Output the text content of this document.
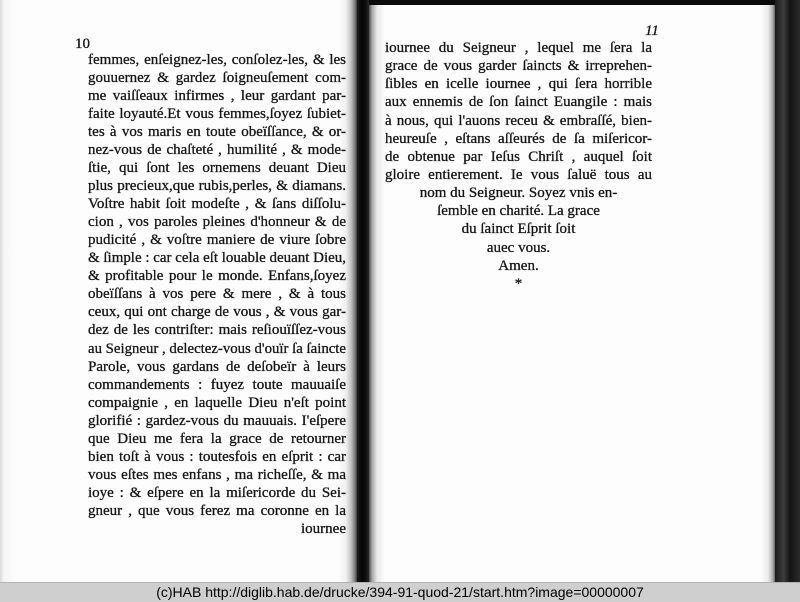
10
femmes, enſeignez-les, conſolez-les, & les
gouuernez & gardez ſoigneuſement com-
me vaiſſeaux infirmes , leur gardant par-
faite loyauté.Et vous femmes,ſoyez ſubiet-
tes à vos maris en toute obeïſſance, & or-
nez-vous de chaſteté , humilité , & mode-
ſtie, qui ſont les ornemens deuant Dieu
plus precieux,que rubis,perles, & diamans.
Voſtre habit ſoit modeſte , & ſans diſſolu-
cion , vos paroles pleines d'honneur & de
pudicité , & voſtre maniere de viure ſobre
& ſimple : car cela eſt louable deuant Dieu,
& profitable pour le monde. Enfans,ſoyez
obeïſſans à vos pere & mere , & à tous
ceux, qui ont charge de vous , & vous gar-
dez de les contriſter: mais reſiouïſſez-vous
au Seigneur , delectez-vous d'ouïr ſa ſaincte
Parole, vous gardans de deſobeïr à leurs
commandements : fuyez toute mauuaiſe
compaignie , en laquelle Dieu n'eſt point
glorifié : gardez-vous du mauuais. I'eſpere
que Dieu me fera la grace de retourner
bien toſt à vous : toutesfois en eſprit : car
vous eſtes mes enfans , ma richeſſe, & ma
ioye : & eſpere en la miſericorde du Sei-
gneur , que vous ferez ma coronne en la
iournee
11
iournee du Seigneur , lequel me ſera la
grace de vous garder ſaincts & irreprehen-
ſibles en icelle iournee , qui ſera horrible
aux ennemis de ſon ſainct Euangile : mais
à nous, qui l'auons receu & embraſſé, bien-
heureuſe , eſtans aſſeurés de ſa miſericor-
de obtenue par Ieſus Chriſt , auquel ſoit
gloire entierement. Ie vous ſaluë tous au
nom du Seigneur. Soyez vnis en-
ſemble en charité. La grace
du ſainct Eſprit ſoit
auec vous.
Amen.
*
(c)HAB http://diglib.hab.de/drucke/394-91-quod-21/start.htm?image=00000007
